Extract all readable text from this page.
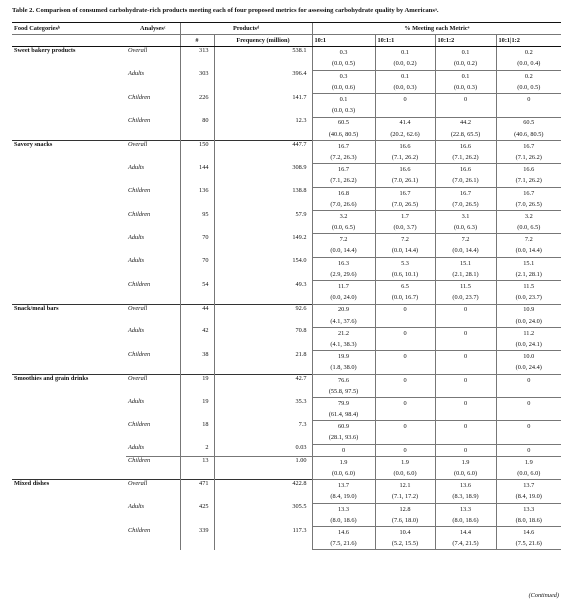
Table 2. Comparison of consumed carbohydrate-rich products meeting each of four proposed metrics for assessing carbohydrate quality by Americansᵃ.
Food Categoriesᵇ	Analysesᶜ	Productsᵈ		% Meeting each Metricᵉ			
		#	Frequency (million)	10:1	10:1:1	10:1:2	10:1|1:2
Sweet bakery products	Overall	313	538.1	0.3	0.1	0.1	0.2
				(0.0, 0.5)	(0.0, 0.2)	(0.0, 0.2)	(0.0, 0.4)
	Adults	303	396.4	0.3	0.1	0.1	0.2
				(0.0, 0.6)	(0.0, 0.3)	(0.0, 0.3)	(0.0, 0.5)
	Children	226	141.7	0.1	0	0	0
				(0.0, 0.3)			
	Children	80	12.3	60.5	41.4	44.2	60.5
				(40.6, 80.5)	(20.2, 62.6)	(22.8, 65.5)	(40.6, 80.5)
Savory snacks	Overall	150	447.7	16.7	16.6	16.6	16.7
				(7.2, 26.3)	(7.1, 26.2)	(7.1, 26.2)	(7.1, 26.2)
	Adults	144	308.9	16.7	16.6	16.6	16.6
				(7.1, 26.2)	(7.0, 26.1)	(7.0, 26.1)	(7.1, 26.2)
	Children	136	138.8	16.8	16.7	16.7	16.7
				(7.0, 26.6)	(7.0, 26.5)	(7.0, 26.5)	(7.0, 26.5)
	Children	95	57.9	3.2	1.7	3.1	3.2
				(0.0, 6.5)	(0.0, 3.7)	(0.0, 6.3)	(0.0, 6.5)
	Adults	70	149.2	7.2	7.2	7.2	7.2
				(0.0, 14.4)	(0.0, 14.4)	(0.0, 14.4)	(0.0, 14.4)
	Adults	70	154.0	16.3	5.3	15.1	15.1
				(2.9, 29.6)	(0.6, 10.1)	(2.1, 28.1)	(2.1, 28.1)
	Children	54	49.3	11.7	6.5	11.5	11.5
				(0.0, 24.0)	(0.0, 16.7)	(0.0, 23.7)	(0.0, 23.7)
Snack/meal bars	Overall	44	92.6	20.9	0	0	10.9
				(4.1, 37.6)			(0.0, 24.0)
	Adults	42	70.8	21.2	0	0	11.2
				(4.1, 38.3)			(0.0, 24.1)
	Children	38	21.8	19.9	0	0	10.0
				(1.8, 38.0)			(0.0, 24.4)
Smoothies and grain drinks	Overall	19	42.7	76.6	0	0	0
				(55.8, 97.5)			
	Adults	19	35.3	79.9	0	0	0
				(61.4, 98.4)			
	Children	18	7.3	60.9	0	0	0
				(28.1, 93.6)			
	Adults	2	0.03	0	0	0	0
	Children	13	1.00	1.9	1.9	1.9	1.9
				(0.0, 6.0)	(0.0, 6.0)	(0.0, 6.0)	(0.0, 6.0)
Mixed dishes	Overall	471	422.8	13.7	12.1	13.6	13.7
				(8.4, 19.0)	(7.1, 17.2)	(8.3, 18.9)	(8.4, 19.0)
	Adults	425	305.5	13.3	12.8	13.3	13.3
				(8.0, 18.6)	(7.6, 18.0)	(8.0, 18.6)	(8.0, 18.6)
	Children	339	117.3	14.6	10.4	14.4	14.6
				(7.5, 21.6)	(5.2, 15.5)	(7.4, 21.5)	(7.5, 21.6)
(Continued)
